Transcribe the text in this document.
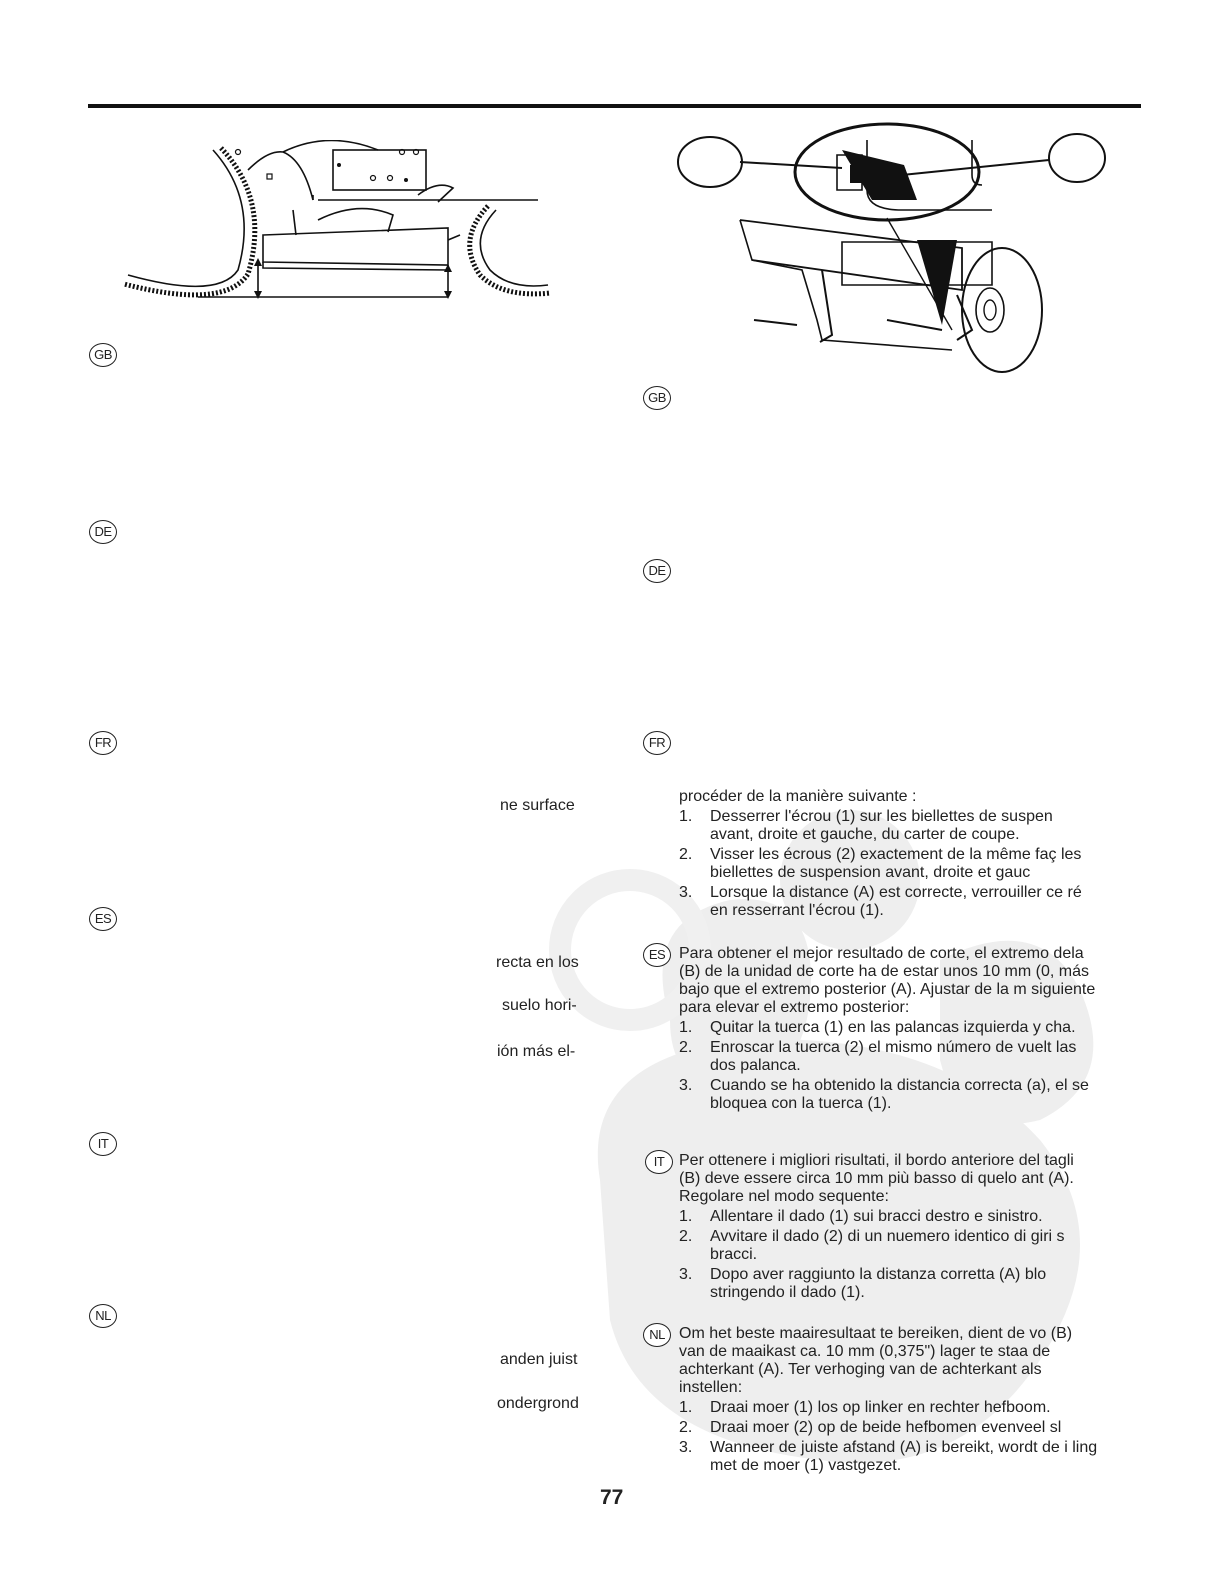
GB
DE
FR
ES
IT
NL
ne surface
recta en los
suelo hori-
ión más el-
anden juist
ondergrond
GB
DE
FR

procéder de la manière suivante :

1. Desserrer l'écrou (1) sur les biellettes de suspen avant, droite et gauche, du carter de coupe.
2. Visser les écrous (2) exactement de la même faç les biellettes de suspension avant, droite et gauc
3. Lorsque la distance (A) est correcte, verrouiller ce ré en resserrant l'écrou (1).
ES Para obtener el mejor resultado de corte, el extremo dela (B) de la unidad de corte ha de estar unos 10 mm (0, más bajo que el extremo posterior (A). Ajustar de la m siguiente para elevar el extremo posterior:

1. Quitar la tuerca (1) en las palancas izquierda y cha.
2. Enroscar la tuerca (2) el mismo número de vuelt las dos palanca.
3. Cuando se ha obtenido la distancia correcta (a), el se bloquea con la tuerca (1).
IT Per ottenere i migliori risultati, il bordo anteriore del tagli (B) deve essere circa 10 mm più basso di quelo ant (A). Regolare nel modo sequente:

1. Allentare il dado (1) sui bracci destro e sinistro.
2. Avvitare il dado (2) di un nuemero identico di giri s bracci.
3. Dopo aver raggiunto la distanza corretta (A) blo stringendo il dado (1).
NL Om het beste maairesultaat te bereiken, dient de vo (B) van de maaikast ca. 10 mm (0,375") lager te staa de achterkant (A). Ter verhoging van de achterkant als instellen:

1. Draai moer (1) los op linker en rechter hefboom.
2. Draai moer (2) op de beide hefbomen evenveel sl
3. Wanneer de juiste afstand (A) is bereikt, wordt de i ling met de moer (1) vastgezet.
77
